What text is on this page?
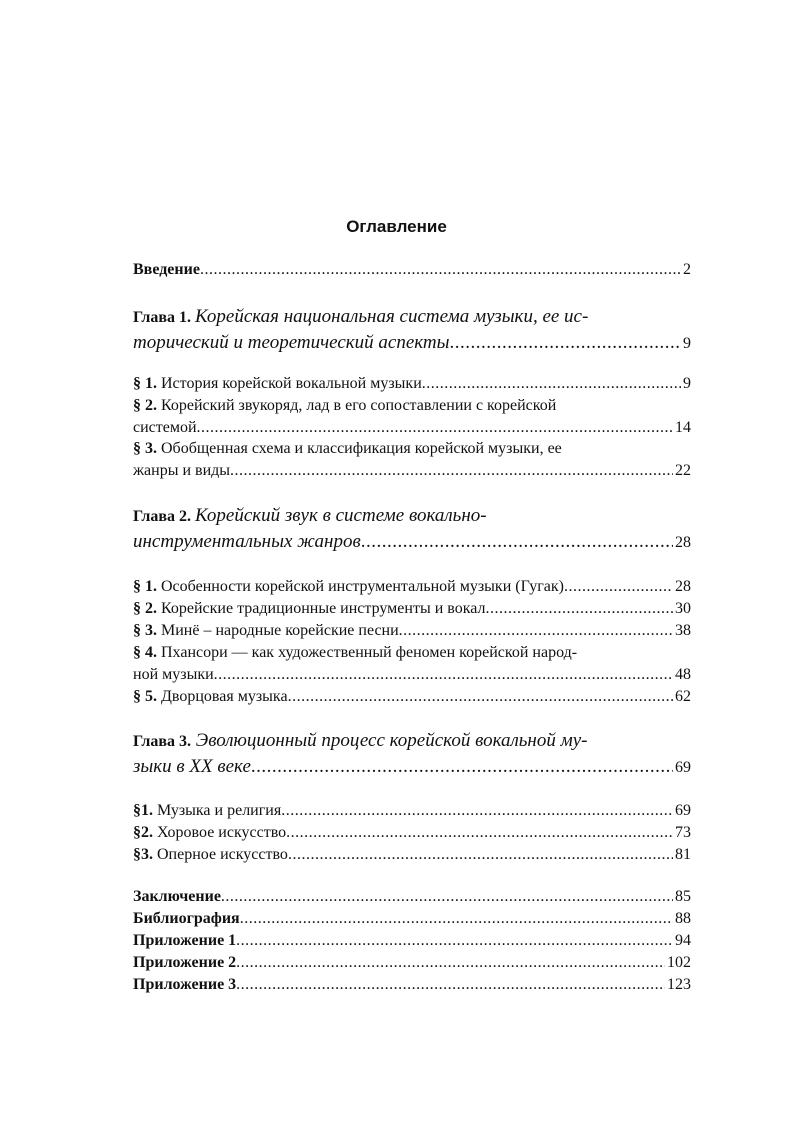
Оглавление
Введение .....	2
Глава 1. Корейская национальная система музыки, ее ис-
торический и теоретический аспекты .....	9
§ 1. История корейской вокальной музыки .....	9
§ 2. Корейский звукоряд, лад в его сопоставлении с корейской
системой .....	14
§ 3. Обобщенная схема и классификация корейской музыки, ее
жанры и виды .....	22
Глава 2. Корейский звук в системе вокально-
инструментальных жанров .....	28
§ 1. Особенности корейской инструментальной музыки (Гугак) .....	28
§ 2. Корейские традиционные инструменты и вокал .....	30
§ 3. Минё – народные корейские песни .....	38
§ 4. Пхансори — как художественный феномен корейской народ-
ной музыки .....	48
§ 5. Дворцовая музыка .....	62
Глава 3. Эволюционный процесс корейской вокальной му-
зыки в XX веке .....	69
§1. Музыка и религия .....	69
§2. Хоровое искусство .....	73
§3. Оперное искусство .....	81
Заключение .....	85
Библиография .....	88
Приложение 1 .....	94
Приложение 2 .....	102
Приложение 3 .....	123
